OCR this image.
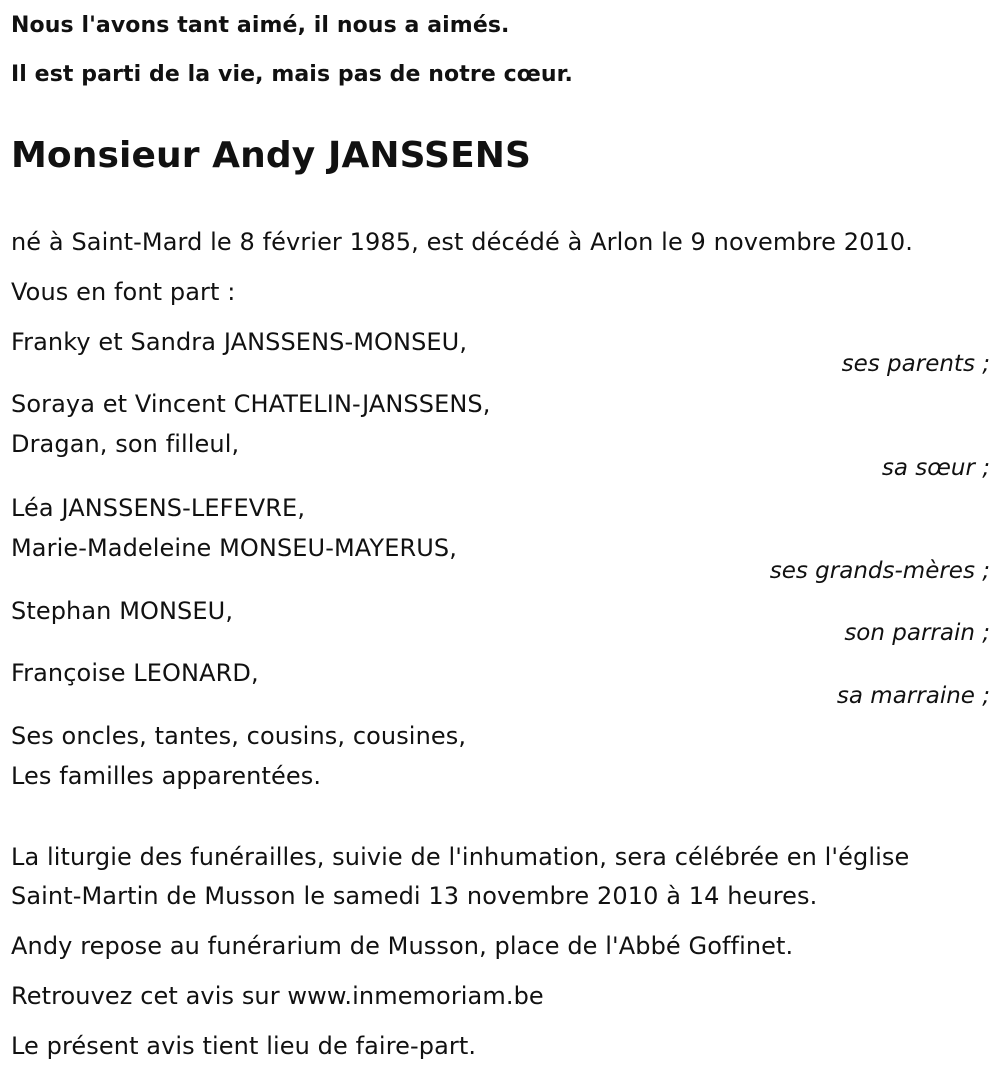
Nous l'avons tant aimé, il nous a aimés.
Il est parti de la vie, mais pas de notre cœur.
Monsieur Andy JANSSENS
né à Saint-Mard le 8 février 1985, est décédé à Arlon le 9 novembre 2010.
Vous en font part :
Franky et Sandra JANSSENS-MONSEU,
ses parents ;
Soraya et Vincent CHATELIN-JANSSENS,
Dragan, son filleul,
sa sœur ;
Léa JANSSENS-LEFEVRE,
Marie-Madeleine MONSEU-MAYERUS,
ses grands-mères ;
Stephan MONSEU,
son parrain ;
Françoise LEONARD,
sa marraine ;
Ses oncles, tantes, cousins, cousines,
Les familles apparentées.
La liturgie des funérailles, suivie de l'inhumation, sera célébrée en l'église
Saint-Martin de Musson le samedi 13 novembre 2010 à 14 heures.
Andy repose au funérarium de Musson, place de l'Abbé Goffinet.
Retrouvez cet avis sur www.inmemoriam.be
Le présent avis tient lieu de faire-part.
